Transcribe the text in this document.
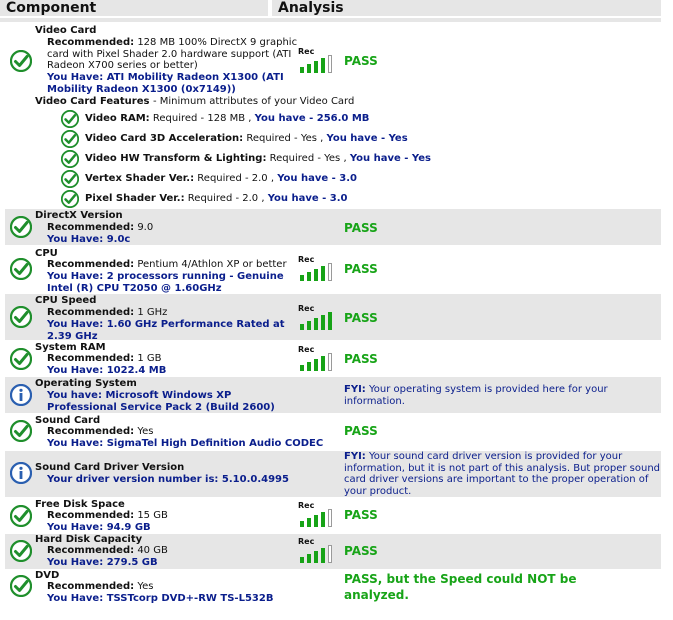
Component	Analysis
Video Card
Recommended: 128 MB 100% DirectX 9 graphic card with Pixel Shader 2.0 hardware support (ATI Radeon X700 series or better)
You Have: ATI Mobility Radeon X1300 (ATI Mobility Radeon X1300 (0x7149))
Rec
PASS
Video Card Features - Minimum attributes of your Video Card
Video RAM: Required - 128 MB , You have - 256.0 MB
Video Card 3D Acceleration: Required - Yes , You have - Yes
Video HW Transform & Lighting: Required - Yes , You have - Yes
Vertex Shader Ver.: Required - 2.0 , You have - 3.0
Pixel Shader Ver.: Required - 2.0 , You have - 3.0
DirectX Version
Recommended: 9.0
You Have: 9.0c
PASS
CPU
Recommended: Pentium 4/Athlon XP or better
You Have: 2 processors running - Genuine Intel (R) CPU T2050 @ 1.60GHz
Rec
PASS
CPU Speed
Recommended: 1 GHz
You Have: 1.60 GHz Performance Rated at 2.39 GHz
Rec
PASS
System RAM
Recommended: 1 GB
You Have: 1022.4 MB
Rec
PASS
Operating System
You have: Microsoft Windows XP Professional Service Pack 2 (Build 2600)
FYI: Your operating system is provided here for your information.
Sound Card
Recommended: Yes
You Have: SigmaTel High Definition Audio CODEC
PASS
Sound Card Driver Version
Your driver version number is: 5.10.0.4995
FYI: Your sound card driver version is provided for your information, but it is not part of this analysis. But proper sound card driver versions are important to the proper operation of your product.
Free Disk Space
Recommended: 15 GB
You Have: 94.9 GB
Rec
PASS
Hard Disk Capacity
Recommended: 40 GB
You Have: 279.5 GB
Rec
PASS
DVD
Recommended: Yes
You Have: TSSTcorp DVD+-RW TS-L532B
PASS, but the Speed could NOT be analyzed.
